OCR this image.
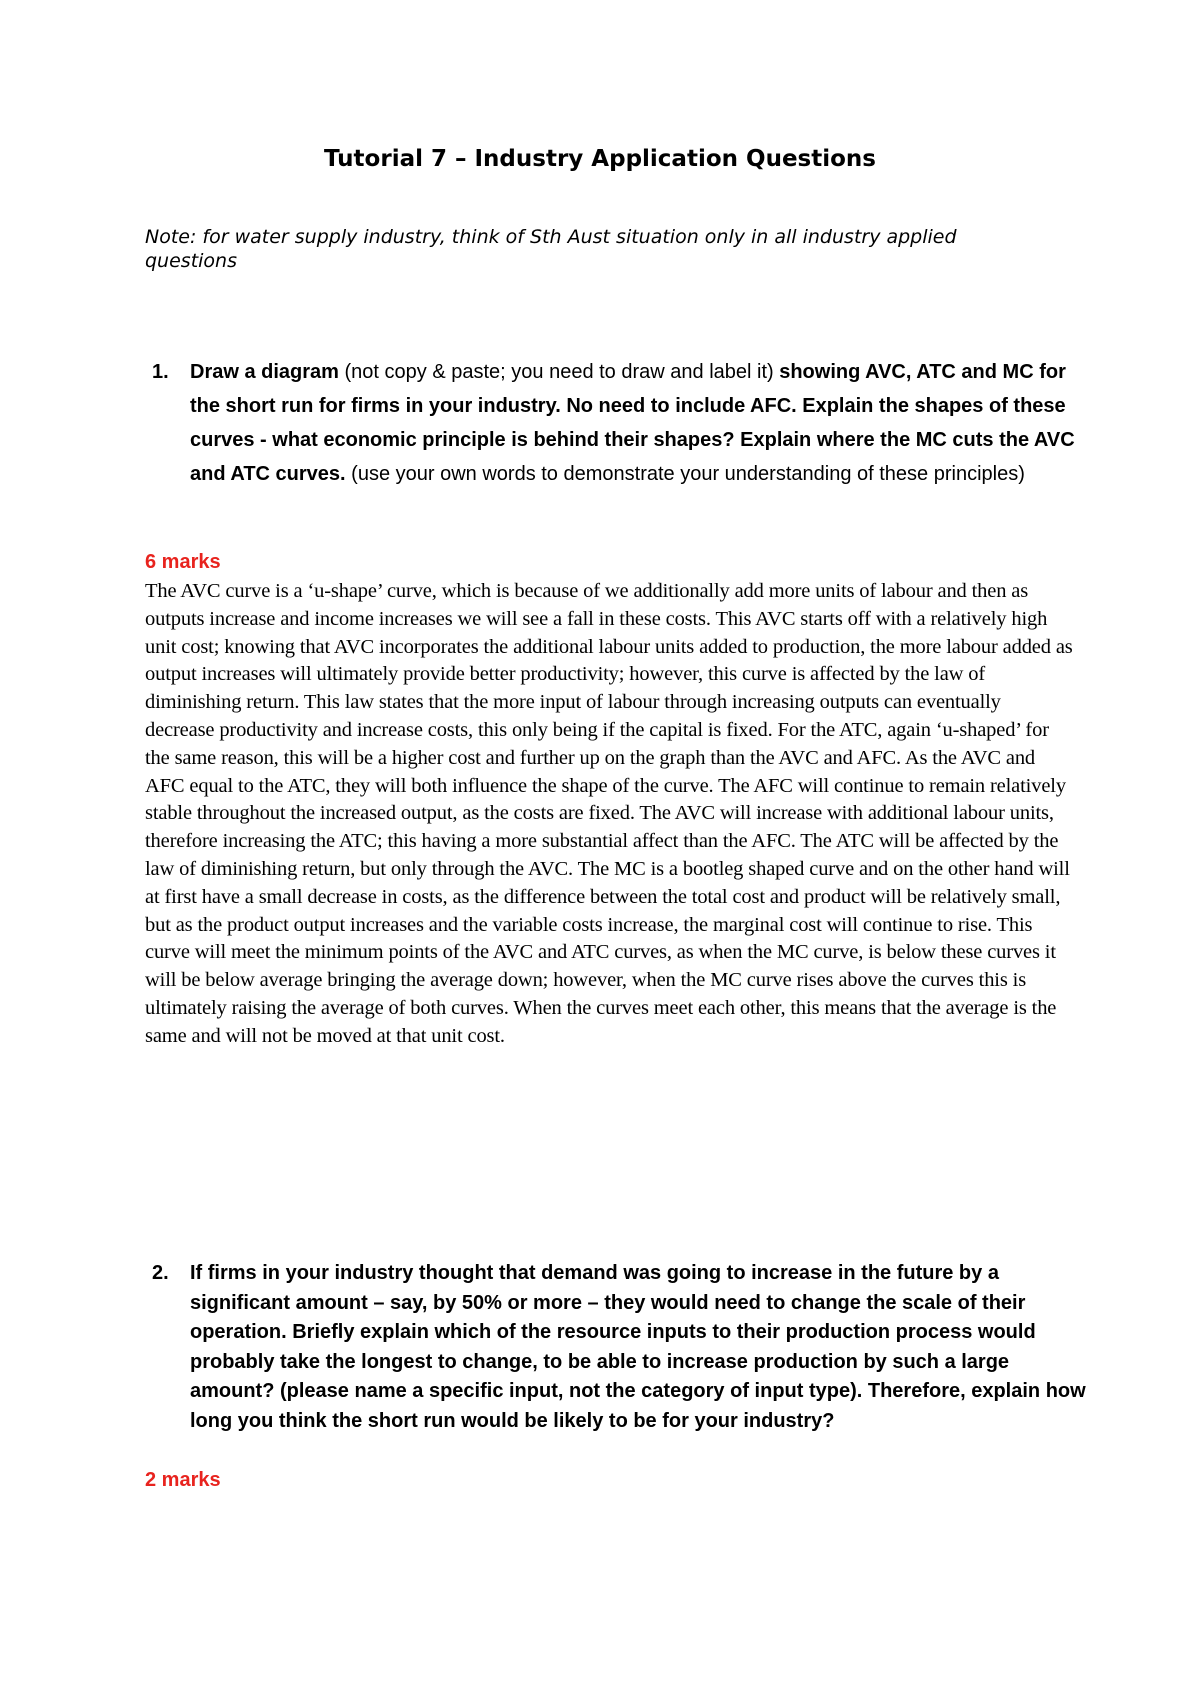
Tutorial 7 – Industry Application Questions

Note: for water supply industry, think of Sth Aust situation only in all industry applied questions

1. Draw a diagram (not copy & paste; you need to draw and label it) showing AVC, ATC and MC for the short run for firms in your industry. No need to include AFC. Explain the shapes of these curves - what economic principle is behind their shapes? Explain where the MC cuts the AVC and ATC curves. (use your own words to demonstrate your understanding of these principles)

6 marks

The AVC curve is a ‘u-shape’ curve, which is because of we additionally add more units of labour and then as outputs increase and income increases we will see a fall in these costs. This AVC starts off with a relatively high unit cost; knowing that AVC incorporates the additional labour units added to production, the more labour added as output increases will ultimately provide better productivity; however, this curve is affected by the law of diminishing return. This law states that the more input of labour through increasing outputs can eventually decrease productivity and increase costs, this only being if the capital is fixed. For the ATC, again ‘u-shaped’ for the same reason, this will be a higher cost and further up on the graph than the AVC and AFC. As the AVC and AFC equal to the ATC, they will both influence the shape of the curve. The AFC will continue to remain relatively stable throughout the increased output, as the costs are fixed. The AVC will increase with additional labour units, therefore increasing the ATC; this having a more substantial affect than the AFC. The ATC will be affected by the law of diminishing return, but only through the AVC. The MC is a bootleg shaped curve and on the other hand will at first have a small decrease in costs, as the difference between the total cost and product will be relatively small, but as the product output increases and the variable costs increase, the marginal cost will continue to rise. This curve will meet the minimum points of the AVC and ATC curves, as when the MC curve, is below these curves it will be below average bringing the average down; however, when the MC curve rises above the curves this is ultimately raising the average of both curves. When the curves meet each other, this means that the average is the same and will not be moved at that unit cost.

2. If firms in your industry thought that demand was going to increase in the future by a significant amount – say, by 50% or more – they would need to change the scale of their operation. Briefly explain which of the resource inputs to their production process would probably take the longest to change, to be able to increase production by such a large amount? (please name a specific input, not the category of input type). Therefore, explain how long you think the short run would be likely to be for your industry?

2 marks
